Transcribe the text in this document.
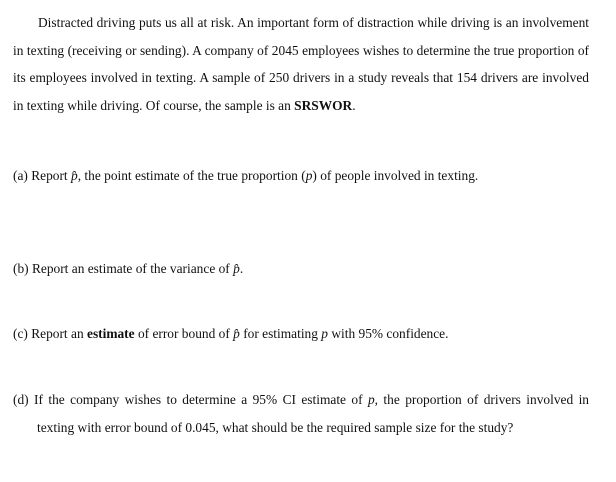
Distracted driving puts us all at risk. An important form of distraction while driving is an involvement in texting (receiving or sending). A company of 2045 employees wishes to determine the true proportion of its employees involved in texting. A sample of 250 drivers in a study reveals that 154 drivers are involved in texting while driving. Of course, the sample is an SRSWOR.

(a) Report p̂, the point estimate of the true proportion (p) of people involved in texting.

(b) Report an estimate of the variance of p̂.

(c) Report an estimate of error bound of p̂ for estimating p with 95% confidence.

(d) If the company wishes to determine a 95% CI estimate of p, the proportion of drivers involved in texting with error bound of 0.045, what should be the required sample size for the study?
